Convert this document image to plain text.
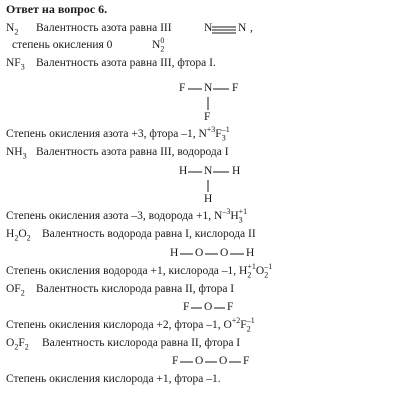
Ответ на вопрос 6.
$N_2$ Валентность азота равна III	N N ,
степень окисления 0	$N_2^0$
$NF_3$ Валентность азота равна III, фтора I.
F N F
F
Степень окисления азота +3, фтора –1, $N^{+3}F_3^{-1}$
$NH_3$ Валентность азота равна III, водорода I
H N H
H
Степень окисления азота –3, водорода +1, $N^{-3}H_3^{+1}$
$H_2O_2$ Валентность водорода равна I, кислорода II
H O O H
Степень окисления водорода +1, кислорода –1, $H_2^{+1}O_2^{-1}$
$OF_2$ Валентность кислорода равна II, фтора I
F O F
Степень окисления кислорода +2, фтора –1, $O^{+2}F_2^{-1}$
$O_2F_2$ Валентность кислорода равна II, фтора I
F O O F
Степень окисления кислорода +1, фтора –1.
